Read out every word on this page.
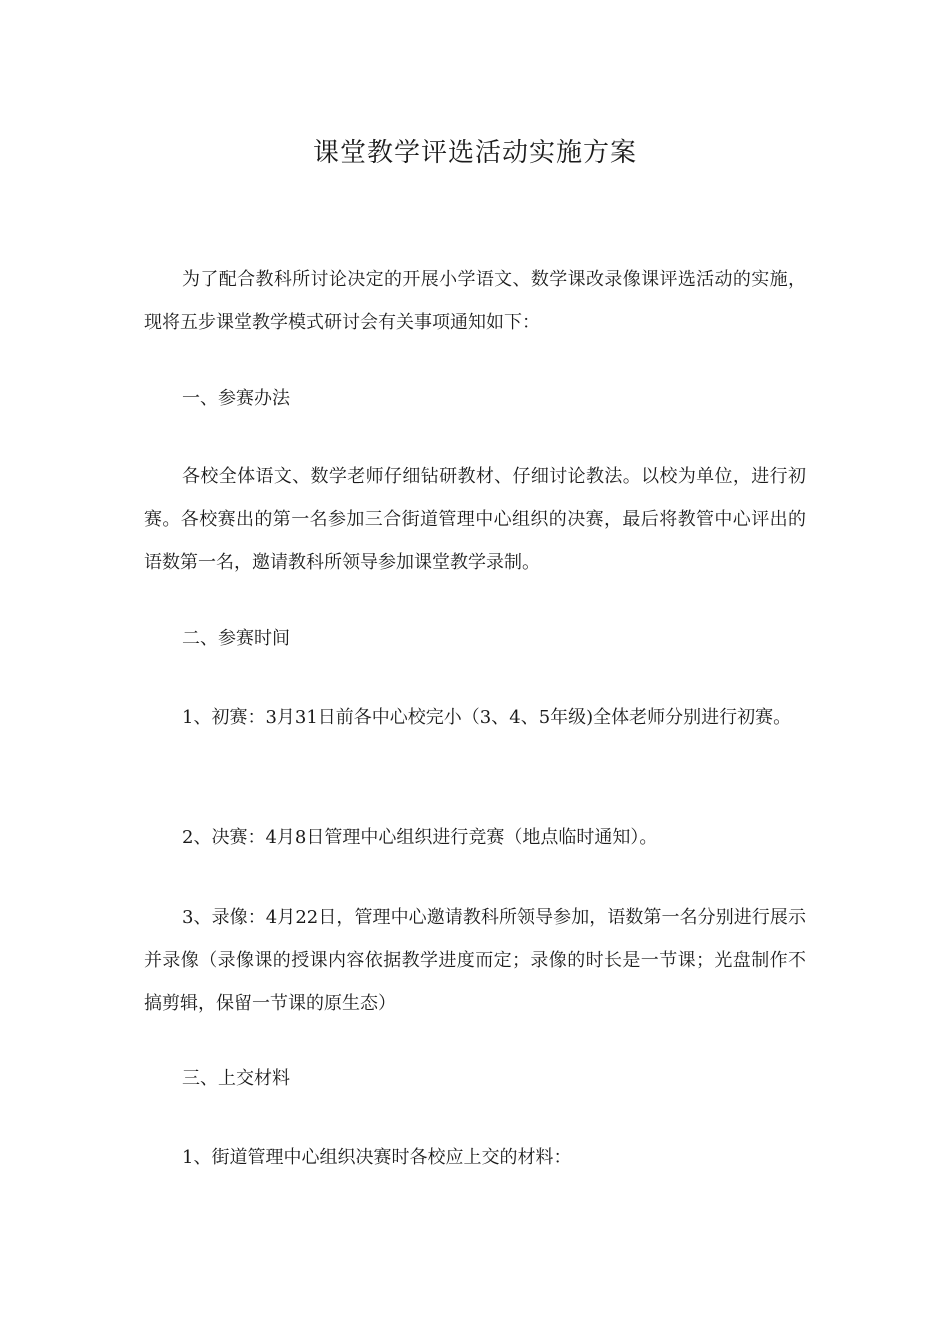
课堂教学评选活动实施方案

为了配合教科所讨论决定的开展小学语文、数学课改录像课评选活动的实施，现将五步课堂教学模式研讨会有关事项通知如下：

一、参赛办法

各校全体语文、数学老师仔细钻研教材、仔细讨论教法。以校为单位，进行初赛。各校赛出的第一名参加三合街道管理中心组织的决赛，最后将教管中心评出的语数第一名，邀请教科所领导参加课堂教学录制。

二、参赛时间

1、初赛：3月31日前各中心校完小（3、4、5年级)全体老师分别进行初赛。

2、决赛：4月8日管理中心组织进行竞赛（地点临时通知）。

3、录像：4月22日，管理中心邀请教科所领导参加，语数第一名分别进行展示并录像（录像课的授课内容依据教学进度而定；录像的时长是一节课；光盘制作不搞剪辑，保留一节课的原生态）

三、上交材料

1、街道管理中心组织决赛时各校应上交的材料：
